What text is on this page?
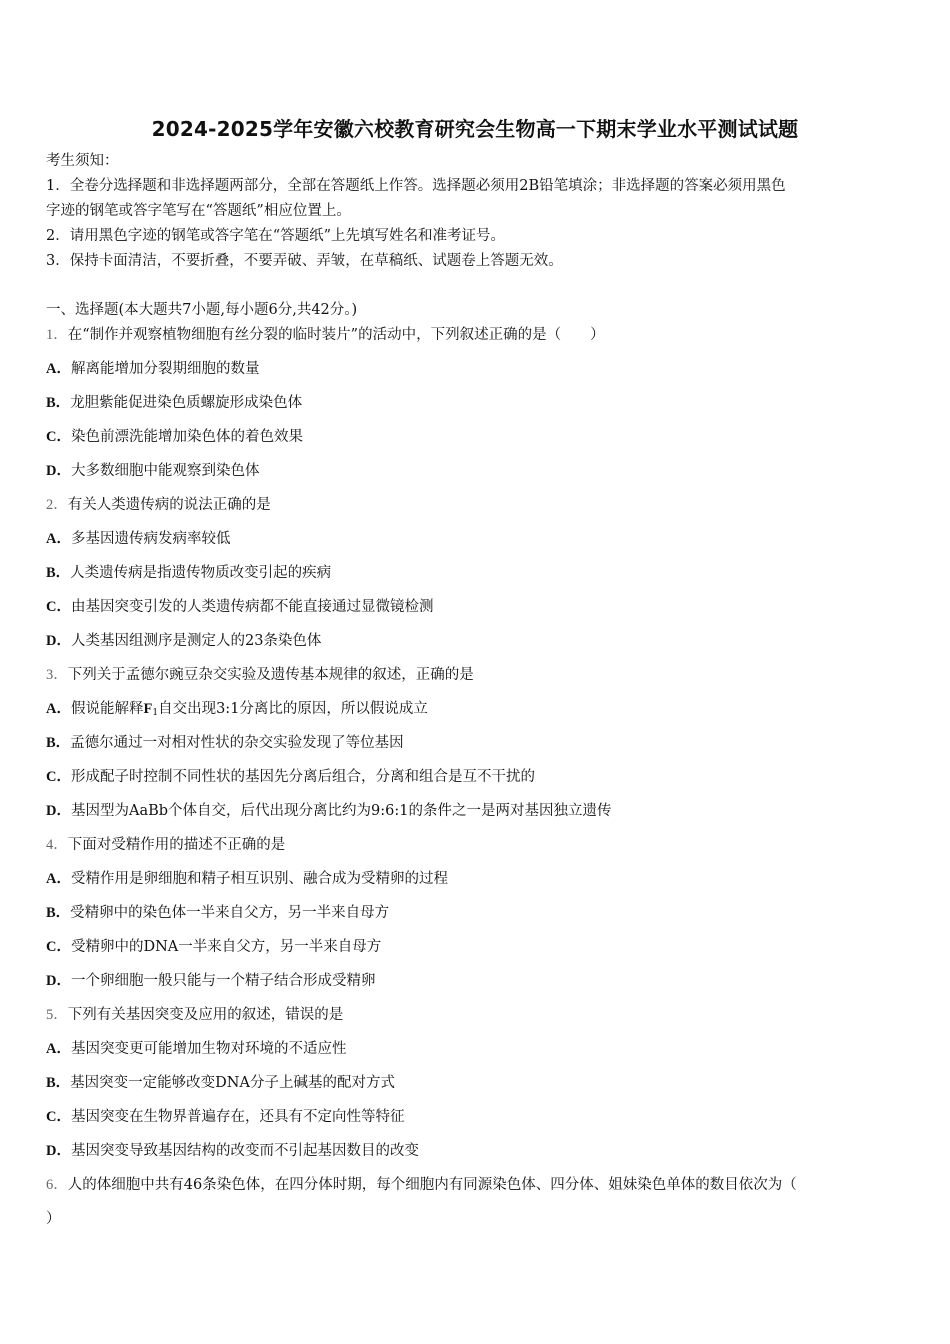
2024-2025学年安徽六校教育研究会生物高一下期末学业水平测试试题
考生须知：
1．全卷分选择题和非选择题两部分，全部在答题纸上作答。选择题必须用2B铅笔填涂；非选择题的答案必须用黑色
字迹的钢笔或答字笔写在“答题纸”相应位置上。
2．请用黑色字迹的钢笔或答字笔在“答题纸”上先填写姓名和准考证号。
3．保持卡面清洁，不要折叠，不要弄破、弄皱，在草稿纸、试题卷上答题无效。
一、选择题(本大题共7小题,每小题6分,共42分。)
1．在“制作并观察植物细胞有丝分裂的临时装片”的活动中，下列叙述正确的是（　　）
A．解离能增加分裂期细胞的数量
B．龙胆紫能促进染色质螺旋形成染色体
C．染色前漂洗能增加染色体的着色效果
D．大多数细胞中能观察到染色体
2．有关人类遗传病的说法正确的是
A．多基因遗传病发病率较低
B．人类遗传病是指遗传物质改变引起的疾病
C．由基因突变引发的人类遗传病都不能直接通过显微镜检测
D．人类基因组测序是测定人的23条染色体
3．下列关于孟德尔豌豆杂交实验及遗传基本规律的叙述，正确的是
A．假说能解释$F_1$自交出现3:1分离比的原因，所以假说成立
B．孟德尔通过一对相对性状的杂交实验发现了等位基因
C．形成配子时控制不同性状的基因先分离后组合，分离和组合是互不干扰的
D．基因型为AaBb个体自交，后代出现分离比约为9:6:1的条件之一是两对基因独立遗传
4．下面对受精作用的描述不正确的是
A．受精作用是卵细胞和精子相互识别、融合成为受精卵的过程
B．受精卵中的染色体一半来自父方，另一半来自母方
C．受精卵中的DNA一半来自父方，另一半来自母方
D．一个卵细胞一般只能与一个精子结合形成受精卵
5．下列有关基因突变及应用的叙述，错误的是
A．基因突变更可能增加生物对环境的不适应性
B．基因突变一定能够改变DNA分子上碱基的配对方式
C．基因突变在生物界普遍存在，还具有不定向性等特征
D．基因突变导致基因结构的改变而不引起基因数目的改变
6．人的体细胞中共有46条染色体，在四分体时期，每个细胞内有同源染色体、四分体、姐妹染色单体的数目依次为（
）
